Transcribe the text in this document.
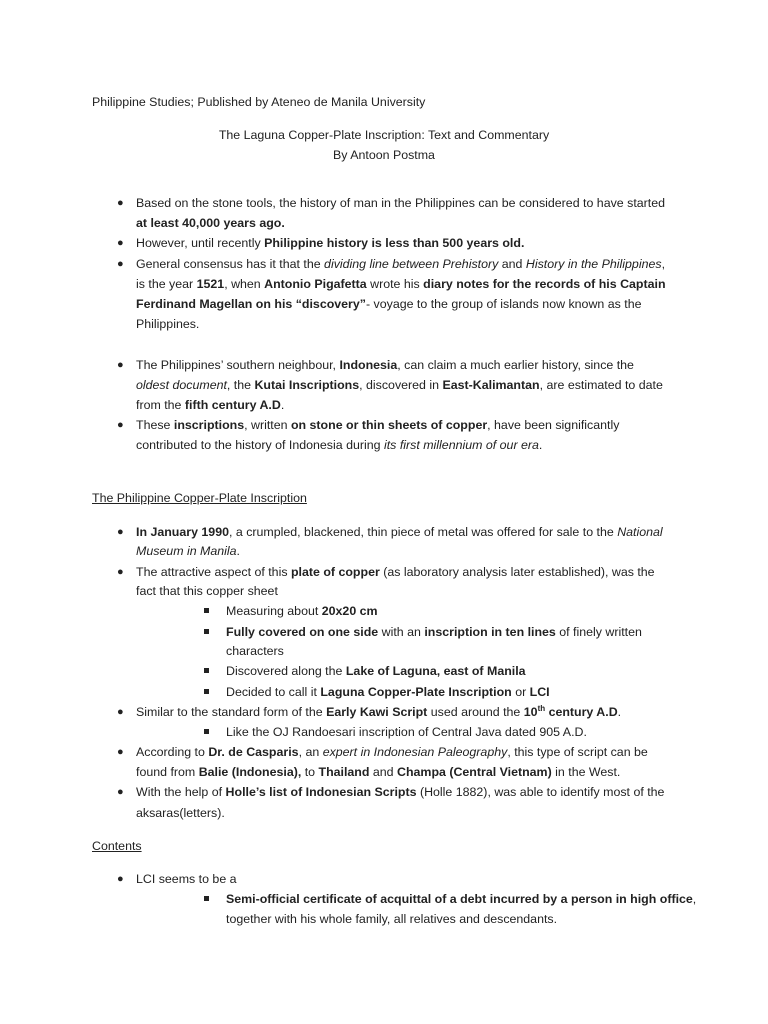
Philippine Studies; Published by Ateneo de Manila University
The Laguna Copper-Plate Inscription: Text and Commentary
By Antoon Postma
● Based on the stone tools, the history of man in the Philippines can be considered to have started
at least 40,000 years ago.
● However, until recently Philippine history is less than 500 years old.
● General consensus has it that the dividing line between Prehistory and History in the Philippines,
is the year 1521, when Antonio Pigafetta wrote his diary notes for the records of his Captain
Ferdinand Magellan on his “discovery”- voyage to the group of islands now known as the
Philippines.
● The Philippines’ southern neighbour, Indonesia, can claim a much earlier history, since the
oldest document, the Kutai Inscriptions, discovered in East-Kalimantan, are estimated to date
from the fifth century A.D.
● These inscriptions, written on stone or thin sheets of copper, have been significantly
contributed to the history of Indonesia during its first millennium of our era.
The Philippine Copper-Plate Inscription
● In January 1990, a crumpled, blackened, thin piece of metal was offered for sale to the National
Museum in Manila.
● The attractive aspect of this plate of copper (as laboratory analysis later established), was the
fact that this copper sheet
Measuring about 20x20 cm
Fully covered on one side with an inscription in ten lines of finely written
characters
Discovered along the Lake of Laguna, east of Manila
Decided to call it Laguna Copper-Plate Inscription or LCI
● Similar to the standard form of the Early Kawi Script used around the 10th century A.D.
Like the OJ Randoesari inscription of Central Java dated 905 A.D.
● According to Dr. de Casparis, an expert in Indonesian Paleography, this type of script can be
found from Balie (Indonesia), to Thailand and Champa (Central Vietnam) in the West.
● With the help of Holle’s list of Indonesian Scripts (Holle 1882), was able to identify most of the
aksaras(letters).
Contents
● LCI seems to be a
Semi-official certificate of acquittal of a debt incurred by a person in high office,
together with his whole family, all relatives and descendants.
